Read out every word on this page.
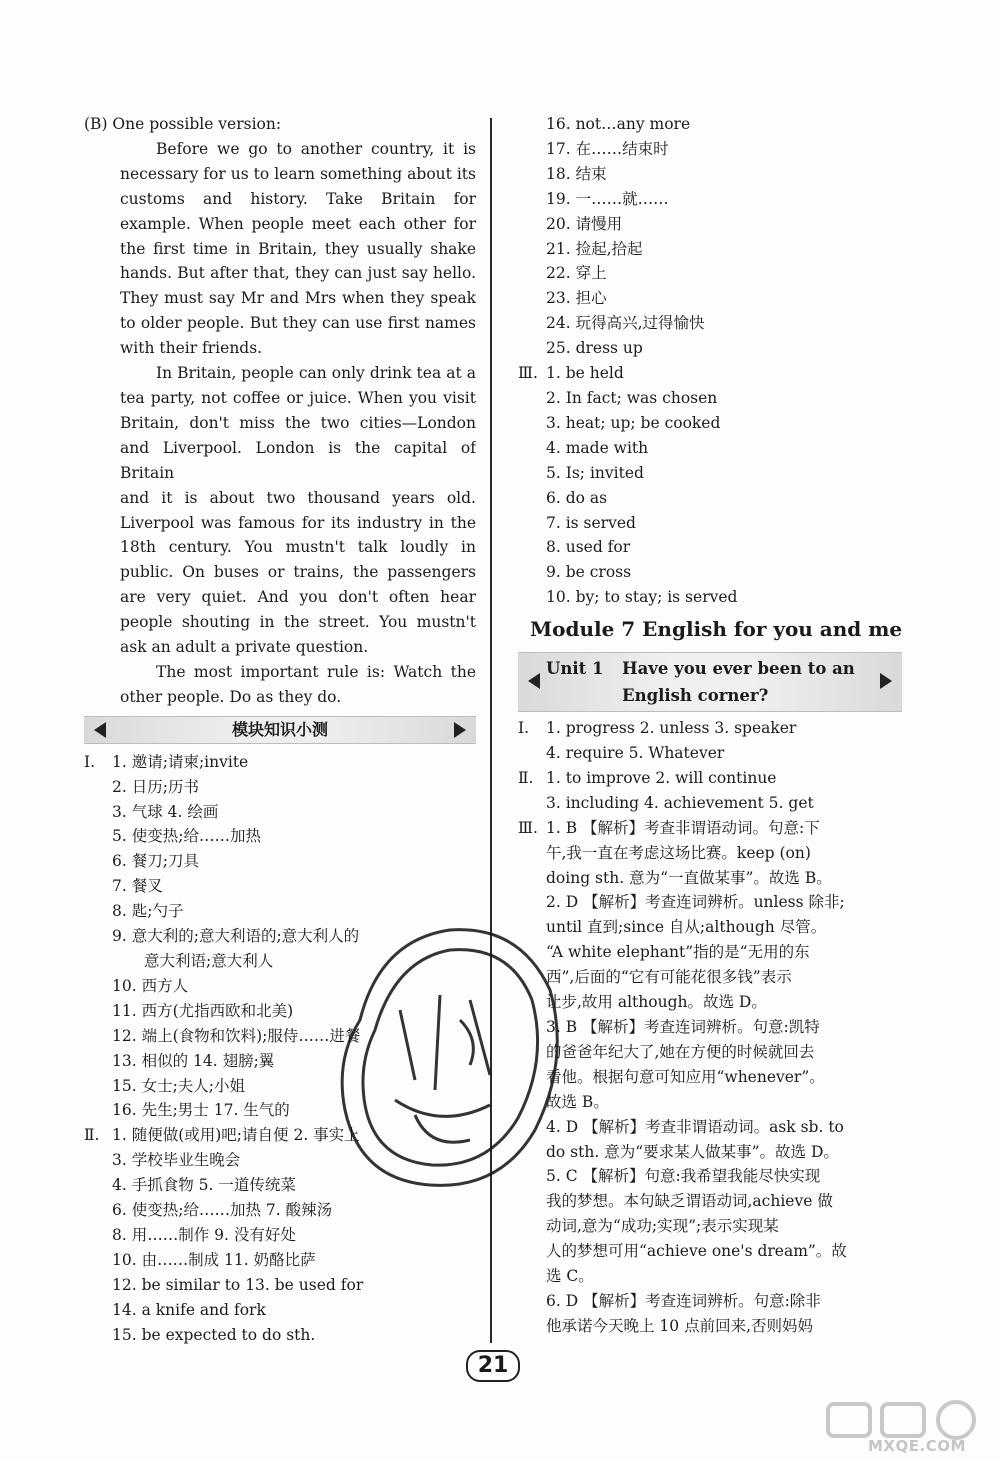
(B) One possible version:
Before we go to another country, it is
necessary for us to learn something about its
customs and history. Take Britain for
example. When people meet each other for
the first time in Britain, they usually shake
hands. But after that, they can just say hello.
They must say Mr and Mrs when they speak
to older people. But they can use first names
with their friends.
In Britain, people can only drink tea at a
tea party, not coffee or juice. When you visit
Britain, don't miss the two cities—London
and Liverpool. London is the capital of Britain
and it is about two thousand years old.
Liverpool was famous for its industry in the
18th century. You mustn't talk loudly in
public. On buses or trains, the passengers
are very quiet. And you don't often hear
people shouting in the street. You mustn't
ask an adult a private question.
The most important rule is: Watch the
other people. Do as they do.
模块知识小测
Ⅰ. 1. 邀请;请柬;invite
2. 日历;历书
3. 气球 4. 绘画
5. 使变热;给……加热
6. 餐刀;刀具
7. 餐叉
8. 匙;勺子
9. 意大利的;意大利语的;意大利人的
意大利语;意大利人
10. 西方人
11. 西方(尤指西欧和北美)
12. 端上(食物和饮料);服侍……进餐
13. 相似的 14. 翅膀;翼
15. 女士;夫人;小姐
16. 先生;男士 17. 生气的
Ⅱ. 1. 随便做(或用)吧;请自便 2. 事实上
3. 学校毕业生晚会
4. 手抓食物 5. 一道传统菜
6. 使变热;给……加热 7. 酸辣汤
8. 用……制作 9. 没有好处
10. 由……制成 11. 奶酪比萨
12. be similar to 13. be used for
14. a knife and fork
15. be expected to do sth.
16. not…any more
17. 在……结束时
18. 结束
19. 一……就……
20. 请慢用
21. 捡起,拾起
22. 穿上
23. 担心
24. 玩得高兴,过得愉快
25. dress up
Ⅲ. 1. be held
2. In fact; was chosen
3. heat; up; be cooked
4. made with
5. Is; invited
6. do as
7. is served
8. used for
9. be cross
10. by; to stay; is served
Module 7 English for you and me
Unit 1 Have you ever been to an
English corner?
Ⅰ. 1. progress 2. unless 3. speaker
4. require 5. Whatever
Ⅱ. 1. to improve 2. will continue
3. including 4. achievement 5. get
Ⅲ. 1. B 【解析】考查非谓语动词。句意:下
午,我一直在考虑这场比赛。keep (on)
doing sth. 意为“一直做某事”。故选 B。
2. D 【解析】考查连词辨析。unless 除非;
until 直到;since 自从;although 尽管。
“A white elephant”指的是“无用的东
西”,后面的“它有可能花很多钱”表示
让步,故用 although。故选 D。
3. B 【解析】考查连词辨析。句意:凯特
的爸爸年纪大了,她在方便的时候就回去
看他。根据句意可知应用“whenever”。
故选 B。
4. D 【解析】考查非谓语动词。ask sb. to
do sth. 意为“要求某人做某事”。故选 D。
5. C 【解析】句意:我希望我能尽快实现
我的梦想。本句缺乏谓语动词,achieve 做
动词,意为“成功;实现”;表示实现某
人的梦想可用“achieve one's dream”。故
选 C。
6. D 【解析】考查连词辨析。句意:除非
他承诺今天晚上 10 点前回来,否则妈妈
21
MXQE.COM
